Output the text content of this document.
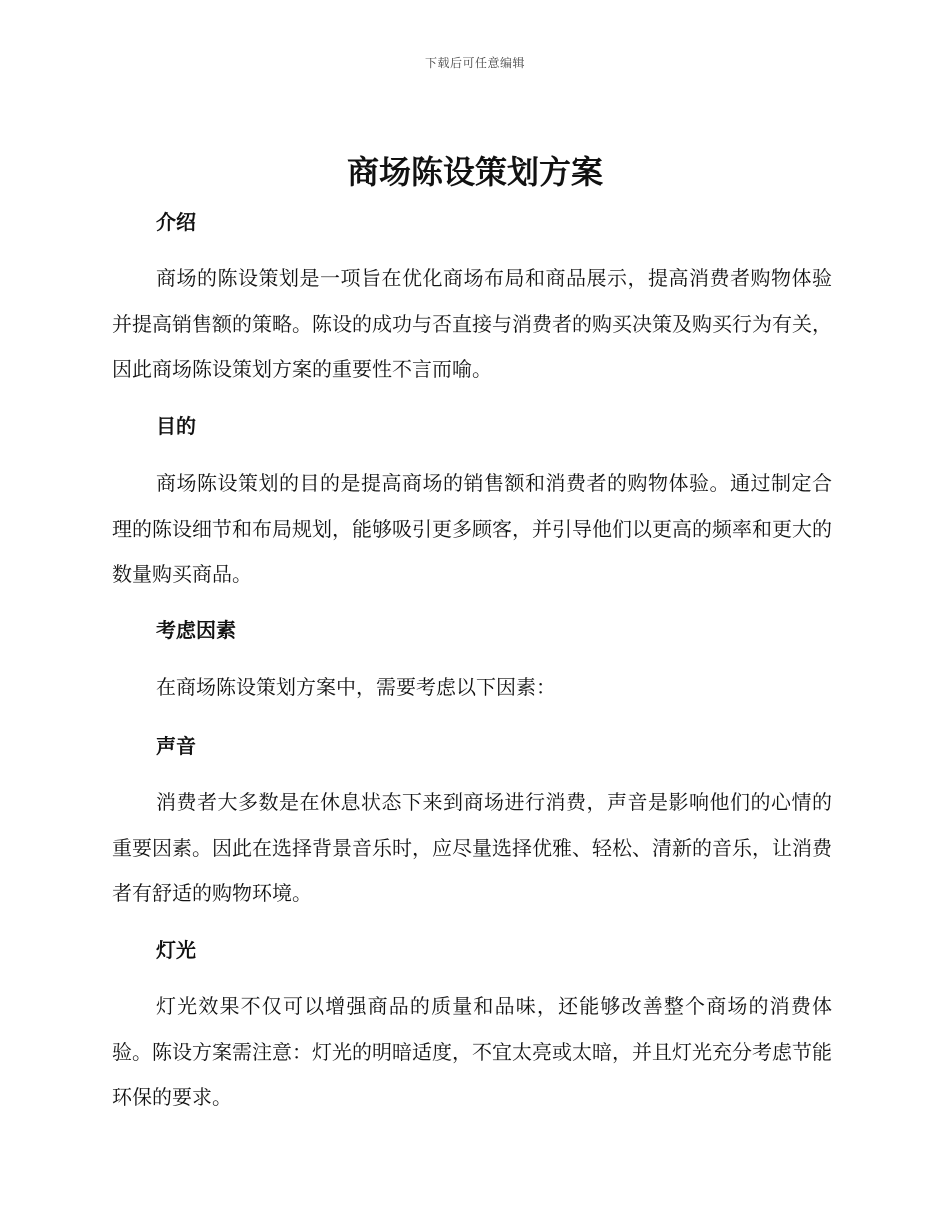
下载后可任意编辑
商场陈设策划方案
介绍

商场的陈设策划是一项旨在优化商场布局和商品展示，提高消费者购物体验并提高销售额的策略。陈设的成功与否直接与消费者的购买决策及购买行为有关，因此商场陈设策划方案的重要性不言而喻。

目的

商场陈设策划的目的是提高商场的销售额和消费者的购物体验。通过制定合理的陈设细节和布局规划，能够吸引更多顾客，并引导他们以更高的频率和更大的数量购买商品。

考虑因素

在商场陈设策划方案中，需要考虑以下因素：

声音

消费者大多数是在休息状态下来到商场进行消费，声音是影响他们的心情的重要因素。因此在选择背景音乐时，应尽量选择优雅、轻松、清新的音乐，让消费者有舒适的购物环境。

灯光

灯光效果不仅可以增强商品的质量和品味，还能够改善整个商场的消费体验。陈设方案需注意：灯光的明暗适度，不宜太亮或太暗，并且灯光充分考虑节能环保的要求。
